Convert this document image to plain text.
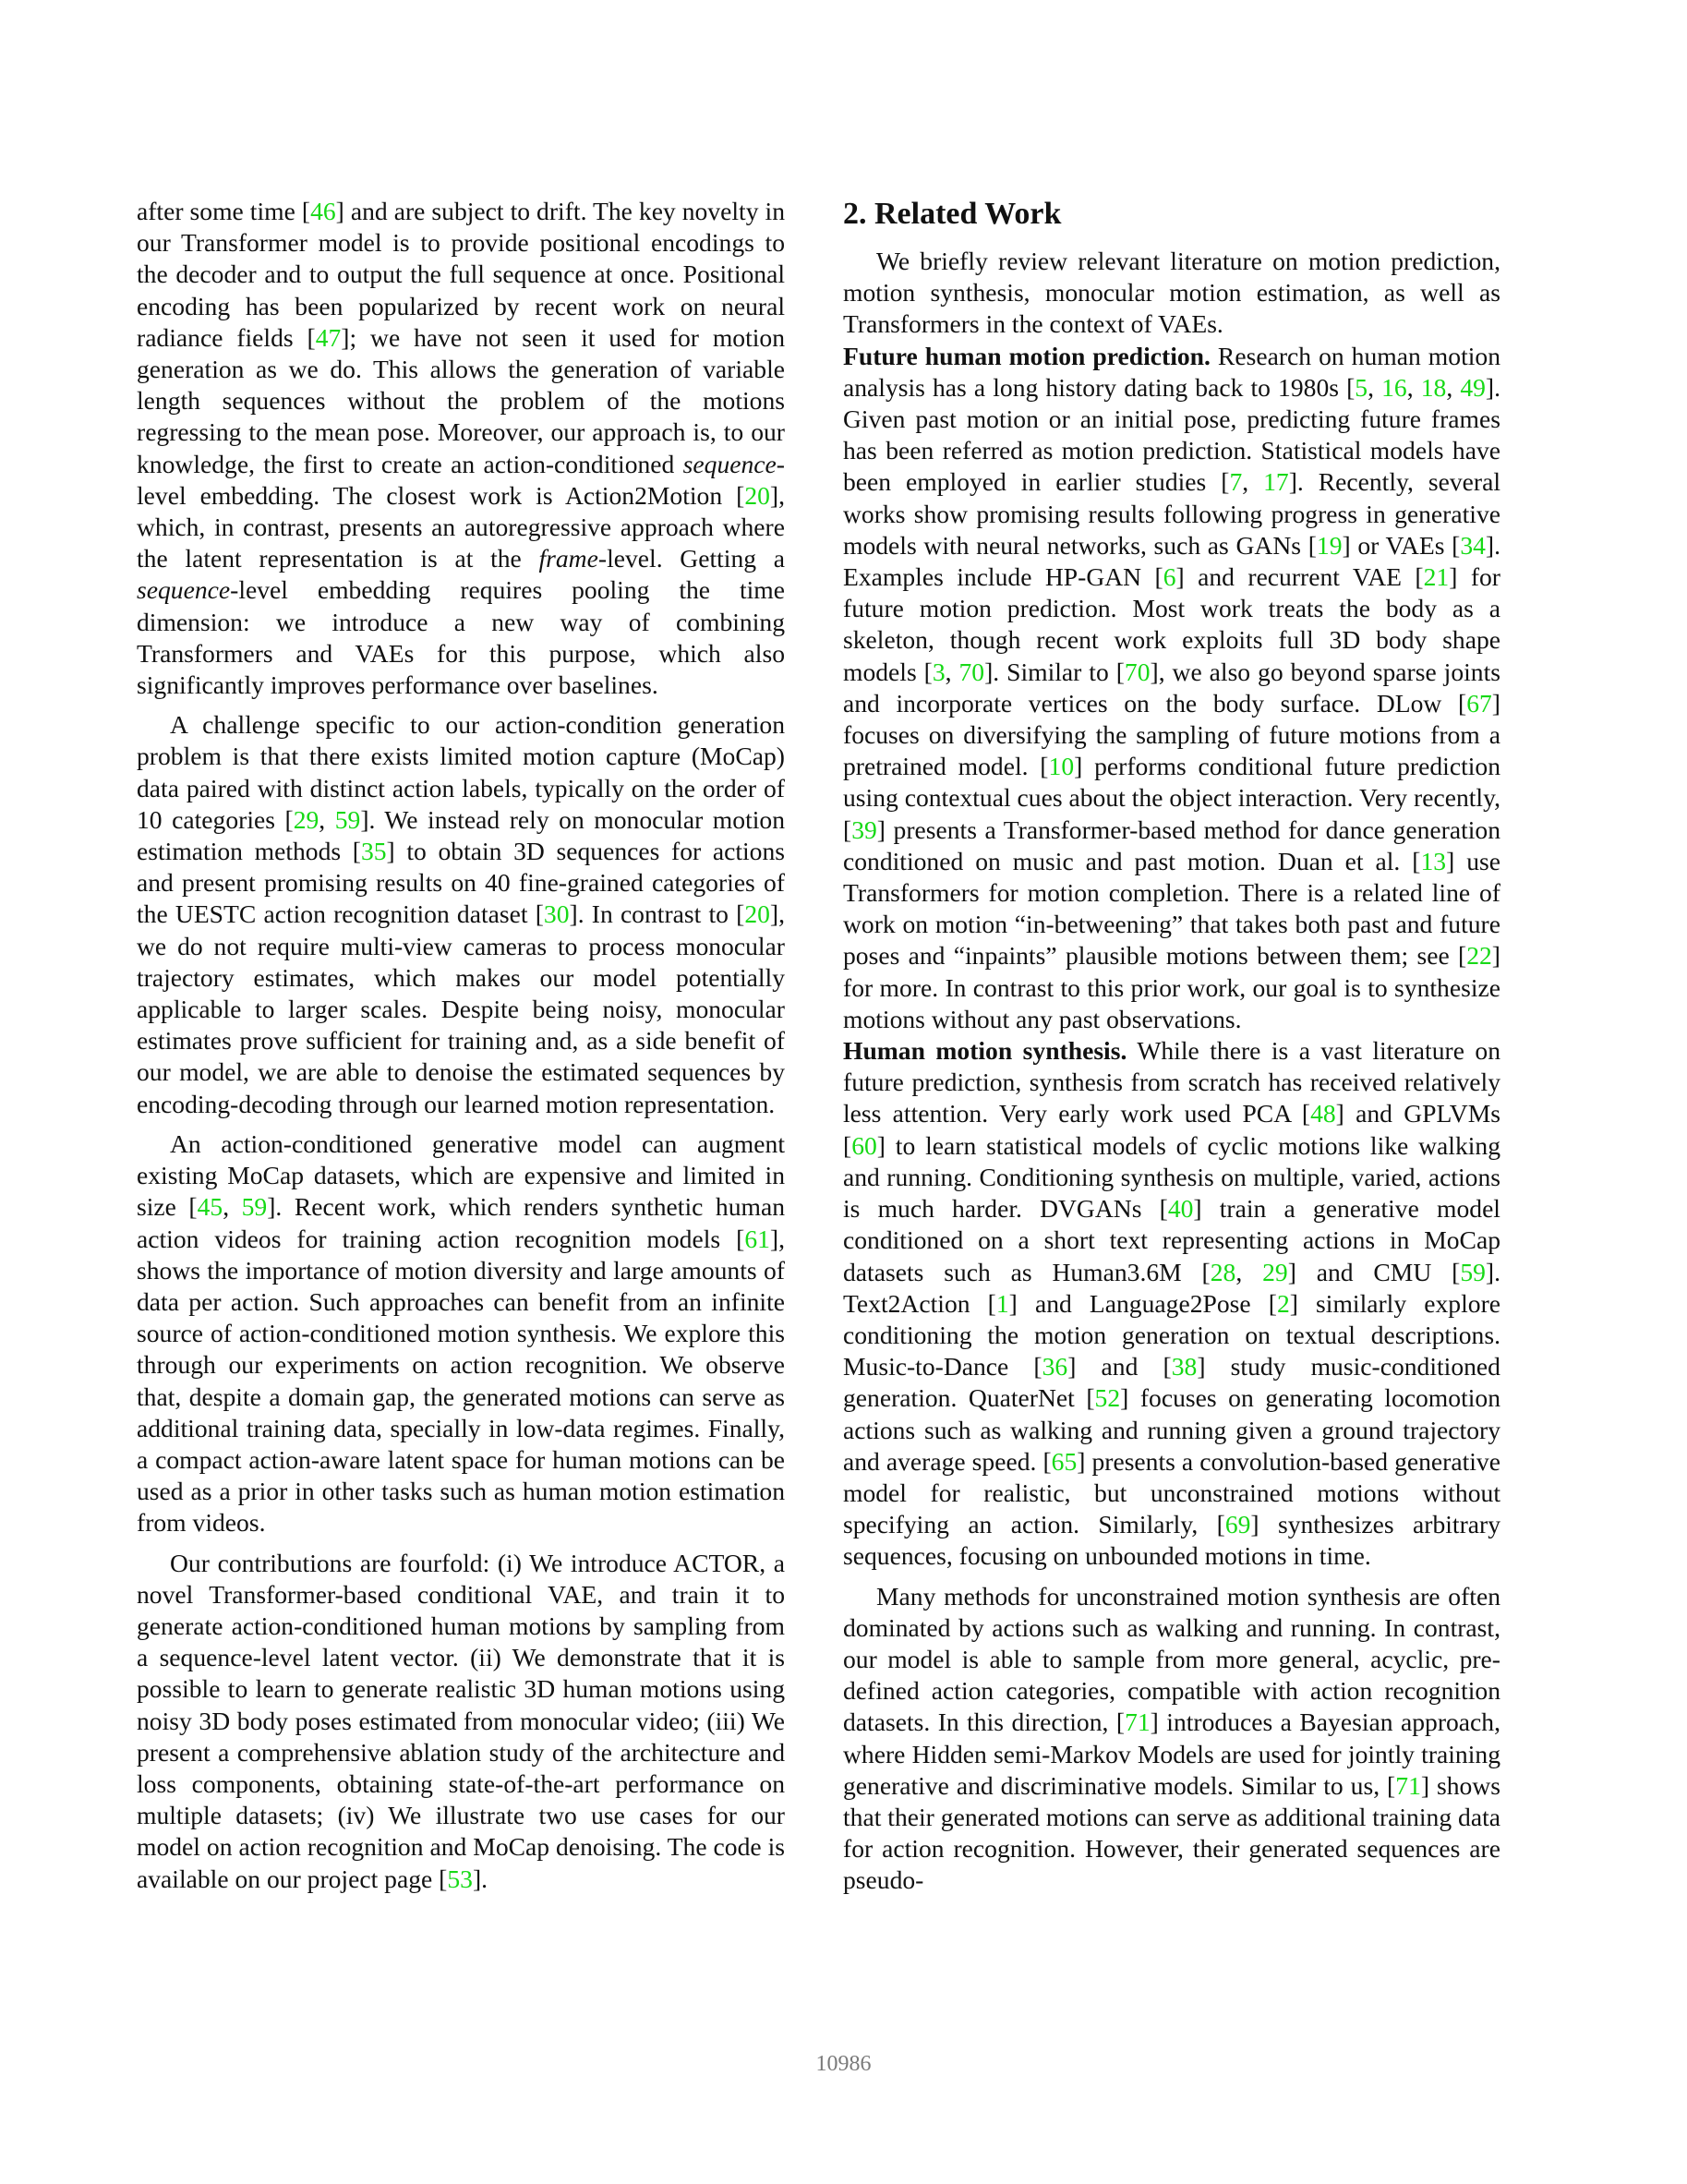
after some time [46] and are subject to drift. The key novelty in our Transformer model is to provide positional encodings to the decoder and to output the full sequence at once. Positional encoding has been popularized by recent work on neural radiance fields [47]; we have not seen it used for motion generation as we do. This allows the generation of variable length sequences without the problem of the motions regressing to the mean pose. Moreover, our approach is, to our knowledge, the first to create an action-conditioned sequence-level embedding. The closest work is Action2Motion [20], which, in contrast, presents an autoregressive approach where the latent representation is at the frame-level. Getting a sequence-level embedding requires pooling the time dimension: we introduce a new way of combining Transformers and VAEs for this purpose, which also significantly improves performance over baselines.

A challenge specific to our action-condition generation problem is that there exists limited motion capture (MoCap) data paired with distinct action labels, typically on the order of 10 categories [29, 59]. We instead rely on monocular motion estimation methods [35] to obtain 3D sequences for actions and present promising results on 40 fine-grained categories of the UESTC action recognition dataset [30]. In contrast to [20], we do not require multi-view cameras to process monocular trajectory estimates, which makes our model potentially applicable to larger scales. Despite being noisy, monocular estimates prove sufficient for training and, as a side benefit of our model, we are able to denoise the estimated sequences by encoding-decoding through our learned motion representation.

An action-conditioned generative model can augment existing MoCap datasets, which are expensive and limited in size [45, 59]. Recent work, which renders synthetic human action videos for training action recognition models [61], shows the importance of motion diversity and large amounts of data per action. Such approaches can benefit from an infinite source of action-conditioned motion synthesis. We explore this through our experiments on action recognition. We observe that, despite a domain gap, the generated motions can serve as additional training data, specially in low-data regimes. Finally, a compact action-aware latent space for human motions can be used as a prior in other tasks such as human motion estimation from videos.

Our contributions are fourfold: (i) We introduce ACTOR, a novel Transformer-based conditional VAE, and train it to generate action-conditioned human motions by sampling from a sequence-level latent vector. (ii) We demonstrate that it is possible to learn to generate realistic 3D human motions using noisy 3D body poses estimated from monocular video; (iii) We present a comprehensive ablation study of the architecture and loss components, obtaining state-of-the-art performance on multiple datasets; (iv) We illustrate two use cases for our model on action recognition and MoCap denoising. The code is available on our project page [53].

2. Related Work

We briefly review relevant literature on motion prediction, motion synthesis, monocular motion estimation, as well as Transformers in the context of VAEs.

Future human motion prediction. Research on human motion analysis has a long history dating back to 1980s [5, 16, 18, 49]. Given past motion or an initial pose, predicting future frames has been referred as motion prediction. Statistical models have been employed in earlier studies [7, 17]. Recently, several works show promising results following progress in generative models with neural networks, such as GANs [19] or VAEs [34]. Examples include HP-GAN [6] and recurrent VAE [21] for future motion prediction. Most work treats the body as a skeleton, though recent work exploits full 3D body shape models [3, 70]. Similar to [70], we also go beyond sparse joints and incorporate vertices on the body surface. DLow [67] focuses on diversifying the sampling of future motions from a pretrained model. [10] performs conditional future prediction using contextual cues about the object interaction. Very recently, [39] presents a Transformer-based method for dance generation conditioned on music and past motion. Duan et al. [13] use Transformers for motion completion. There is a related line of work on motion “in-betweening” that takes both past and future poses and “inpaints” plausible motions between them; see [22] for more. In contrast to this prior work, our goal is to synthesize motions without any past observations.

Human motion synthesis. While there is a vast literature on future prediction, synthesis from scratch has received relatively less attention. Very early work used PCA [48] and GPLVMs [60] to learn statistical models of cyclic motions like walking and running. Conditioning synthesis on multiple, varied, actions is much harder. DVGANs [40] train a generative model conditioned on a short text representing actions in MoCap datasets such as Human3.6M [28, 29] and CMU [59]. Text2Action [1] and Language2Pose [2] similarly explore conditioning the motion generation on textual descriptions. Music-to-Dance [36] and [38] study music-conditioned generation. QuaterNet [52] focuses on generating locomotion actions such as walking and running given a ground trajectory and average speed. [65] presents a convolution-based generative model for realistic, but unconstrained motions without specifying an action. Similarly, [69] synthesizes arbitrary sequences, focusing on unbounded motions in time.

Many methods for unconstrained motion synthesis are often dominated by actions such as walking and running. In contrast, our model is able to sample from more general, acyclic, pre-defined action categories, compatible with action recognition datasets. In this direction, [71] introduces a Bayesian approach, where Hidden semi-Markov Models are used for jointly training generative and discriminative models. Similar to us, [71] shows that their generated motions can serve as additional training data for action recognition. However, their generated sequences are pseudo-

10986
